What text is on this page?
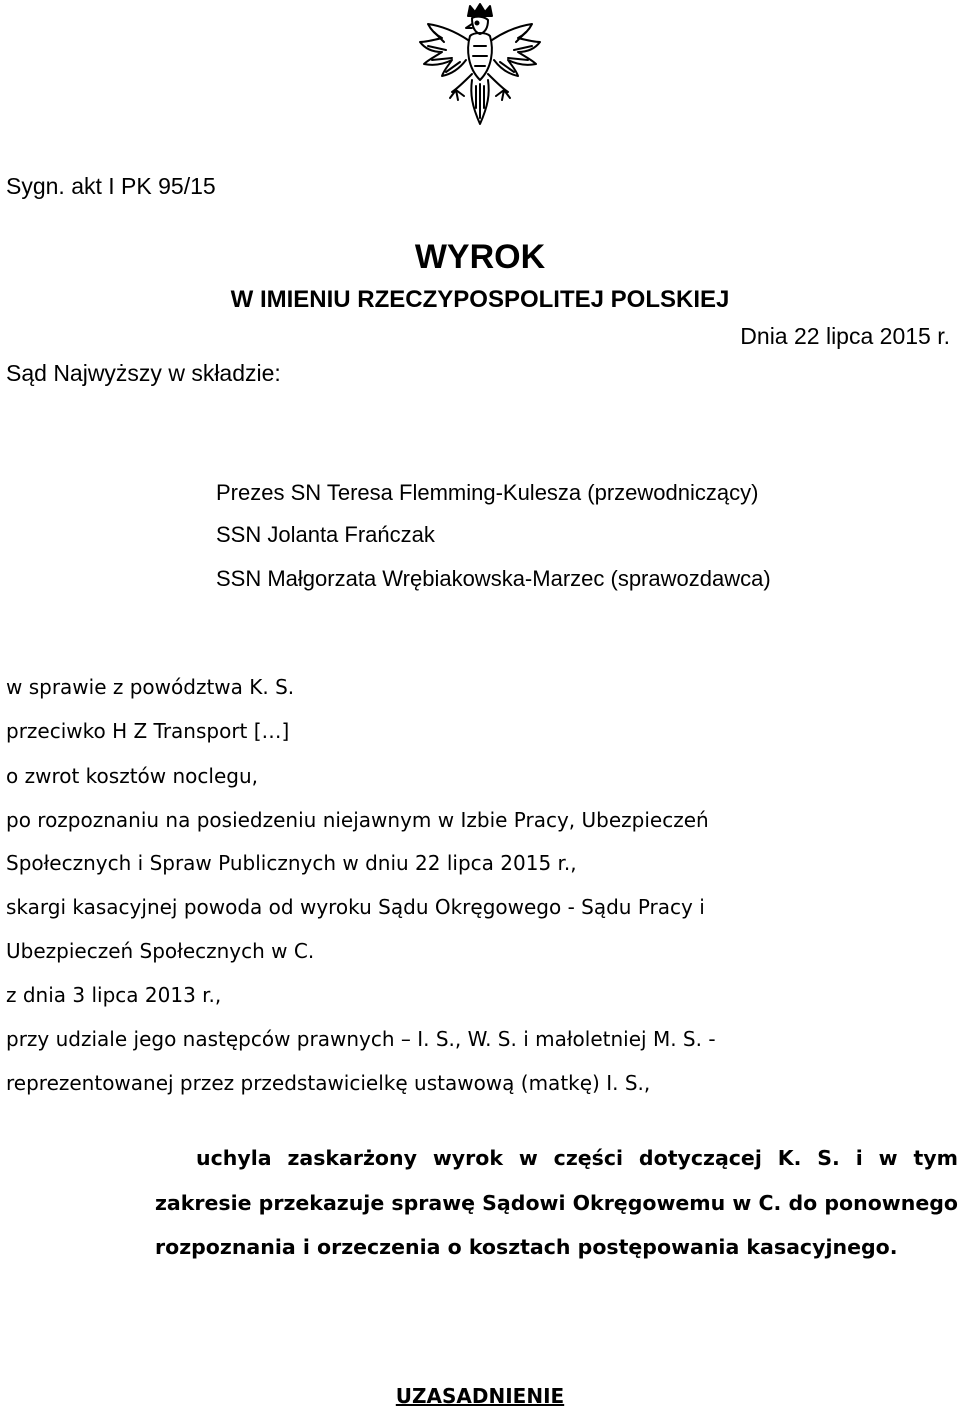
Sygn. akt I PK 95/15
WYROK
W IMIENIU RZECZYPOSPOLITEJ POLSKIEJ
Dnia 22 lipca 2015 r.
Sąd Najwyższy w składzie:
Prezes SN Teresa Flemming-Kulesza (przewodniczący)
SSN Jolanta Frańczak
SSN Małgorzata Wrębiakowska-Marzec (sprawozdawca)
w sprawie z powództwa K. S.
przeciwko H Z Transport […]
o zwrot kosztów noclegu,
po rozpoznaniu na posiedzeniu niejawnym w Izbie Pracy, Ubezpieczeń
Społecznych i Spraw Publicznych w dniu 22 lipca 2015 r.,
skargi kasacyjnej powoda od wyroku Sądu Okręgowego - Sądu Pracy i
Ubezpieczeń Społecznych w C.
z dnia 3 lipca 2013 r.,
przy udziale jego następców prawnych – I. S., W. S. i małoletniej M. S. -
reprezentowanej przez przedstawicielkę ustawową (matkę) I. S.,
uchyla zaskarżony wyrok w części dotyczącej K. S. i w tym zakresie przekazuje sprawę Sądowi Okręgowemu w C. do ponownego rozpoznania i orzeczenia o kosztach postępowania kasacyjnego.
UZASADNIENIE
